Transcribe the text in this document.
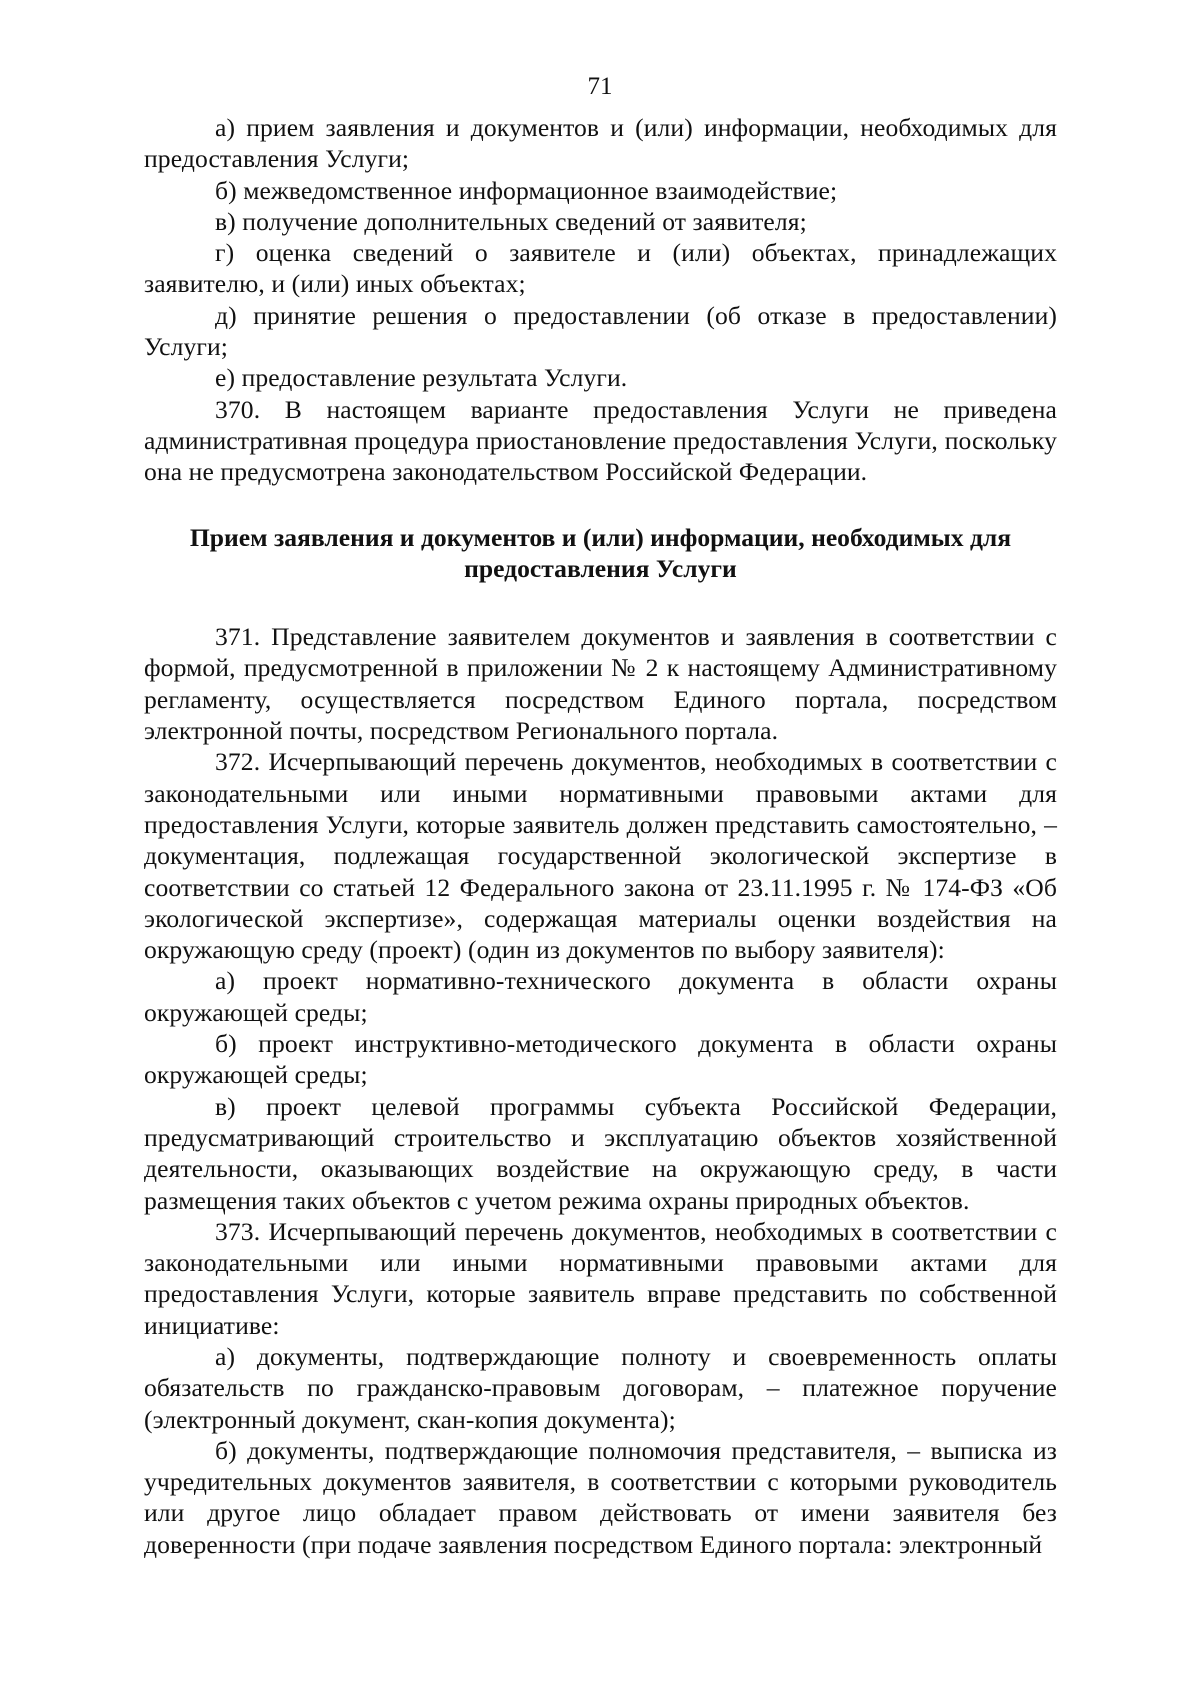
71

а) прием заявления и документов и (или) информации, необходимых для предоставления Услуги;

б) межведомственное информационное взаимодействие;

в) получение дополнительных сведений от заявителя;

г) оценка сведений о заявителе и (или) объектах, принадлежащих заявителю, и (или) иных объектах;

д) принятие решения о предоставлении (об отказе в предоставлении) Услуги;

е) предоставление результата Услуги.

370. В настоящем варианте предоставления Услуги не приведена административная процедура приостановление предоставления Услуги, поскольку она не предусмотрена законодательством Российской Федерации.

Прием заявления и документов и (или) информации, необходимых для
предоставления Услуги

371. Представление заявителем документов и заявления в соответствии с формой, предусмотренной в приложении № 2 к настоящему Административному регламенту, осуществляется посредством Единого портала, посредством электронной почты, посредством Регионального портала.

372. Исчерпывающий перечень документов, необходимых в соответствии с законодательными или иными нормативными правовыми актами для предоставления Услуги, которые заявитель должен представить самостоятельно, – документация, подлежащая государственной экологической экспертизе в соответствии со статьей 12 Федерального закона от 23.11.1995 г. № 174-ФЗ «Об экологической экспертизе», содержащая материалы оценки воздействия на окружающую среду (проект) (один из документов по выбору заявителя):

а) проект нормативно-технического документа в области охраны окружающей среды;

б) проект инструктивно-методического документа в области охраны окружающей среды;

в) проект целевой программы субъекта Российской Федерации, предусматривающий строительство и эксплуатацию объектов хозяйственной деятельности, оказывающих воздействие на окружающую среду, в части размещения таких объектов с учетом режима охраны природных объектов.

373. Исчерпывающий перечень документов, необходимых в соответствии с законодательными или иными нормативными правовыми актами для предоставления Услуги, которые заявитель вправе представить по собственной инициативе:

а) документы, подтверждающие полноту и своевременность оплаты обязательств по гражданско-правовым договорам, – платежное поручение (электронный документ, скан-копия документа);

б) документы, подтверждающие полномочия представителя, – выписка из учредительных документов заявителя, в соответствии с которыми руководитель или другое лицо обладает правом действовать от имени заявителя без доверенности (при подаче заявления посредством Единого портала: электронный
